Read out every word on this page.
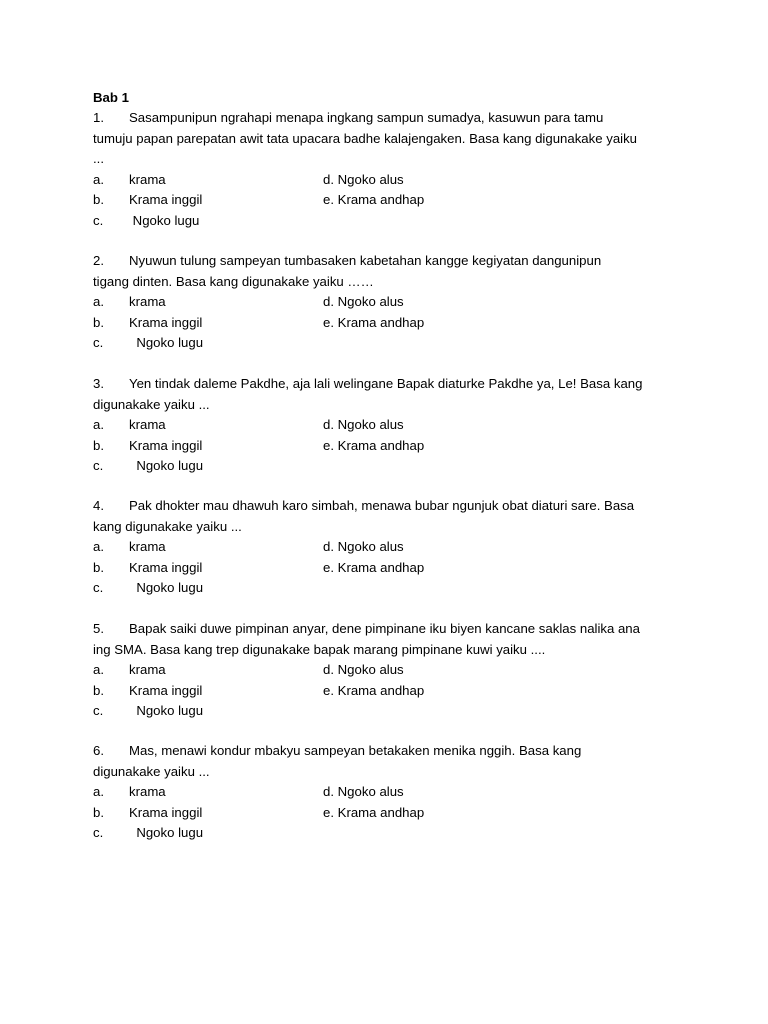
Bab 1
1. Sasampunipun ngrahapi menapa ingkang sampun sumadya, kasuwun para tamu
tumuju papan parepatan awit tata upacara badhe kalajengaken. Basa kang digunakake yaiku
...
a. krama	d. Ngoko alus
b. Krama inggil	e. Krama andhap
c. Ngoko lugu
2. Nyuwun tulung sampeyan tumbasaken kabetahan kangge kegiyatan dangunipun
tigang dinten. Basa kang digunakake yaiku ……
a. krama	d. Ngoko alus
b. Krama inggil	e. Krama andhap
c. Ngoko lugu
3. Yen tindak daleme Pakdhe, aja lali welingane Bapak diaturke Pakdhe ya, Le! Basa kang
digunakake yaiku ...
a. krama	d. Ngoko alus
b. Krama inggil	e. Krama andhap
c. Ngoko lugu
4. Pak dhokter mau dhawuh karo simbah, menawa bubar ngunjuk obat diaturi sare. Basa
kang digunakake yaiku ...
a. krama	d. Ngoko alus
b. Krama inggil	e. Krama andhap
c. Ngoko lugu
5. Bapak saiki duwe pimpinan anyar, dene pimpinane iku biyen kancane saklas nalika ana
ing SMA. Basa kang trep digunakake bapak marang pimpinane kuwi yaiku ....
a. krama	d. Ngoko alus
b. Krama inggil	e. Krama andhap
c. Ngoko lugu
6. Mas, menawi kondur mbakyu sampeyan betakaken menika nggih. Basa kang
digunakake yaiku ...
a. krama	d. Ngoko alus
b. Krama inggil	e. Krama andhap
c. Ngoko lugu
